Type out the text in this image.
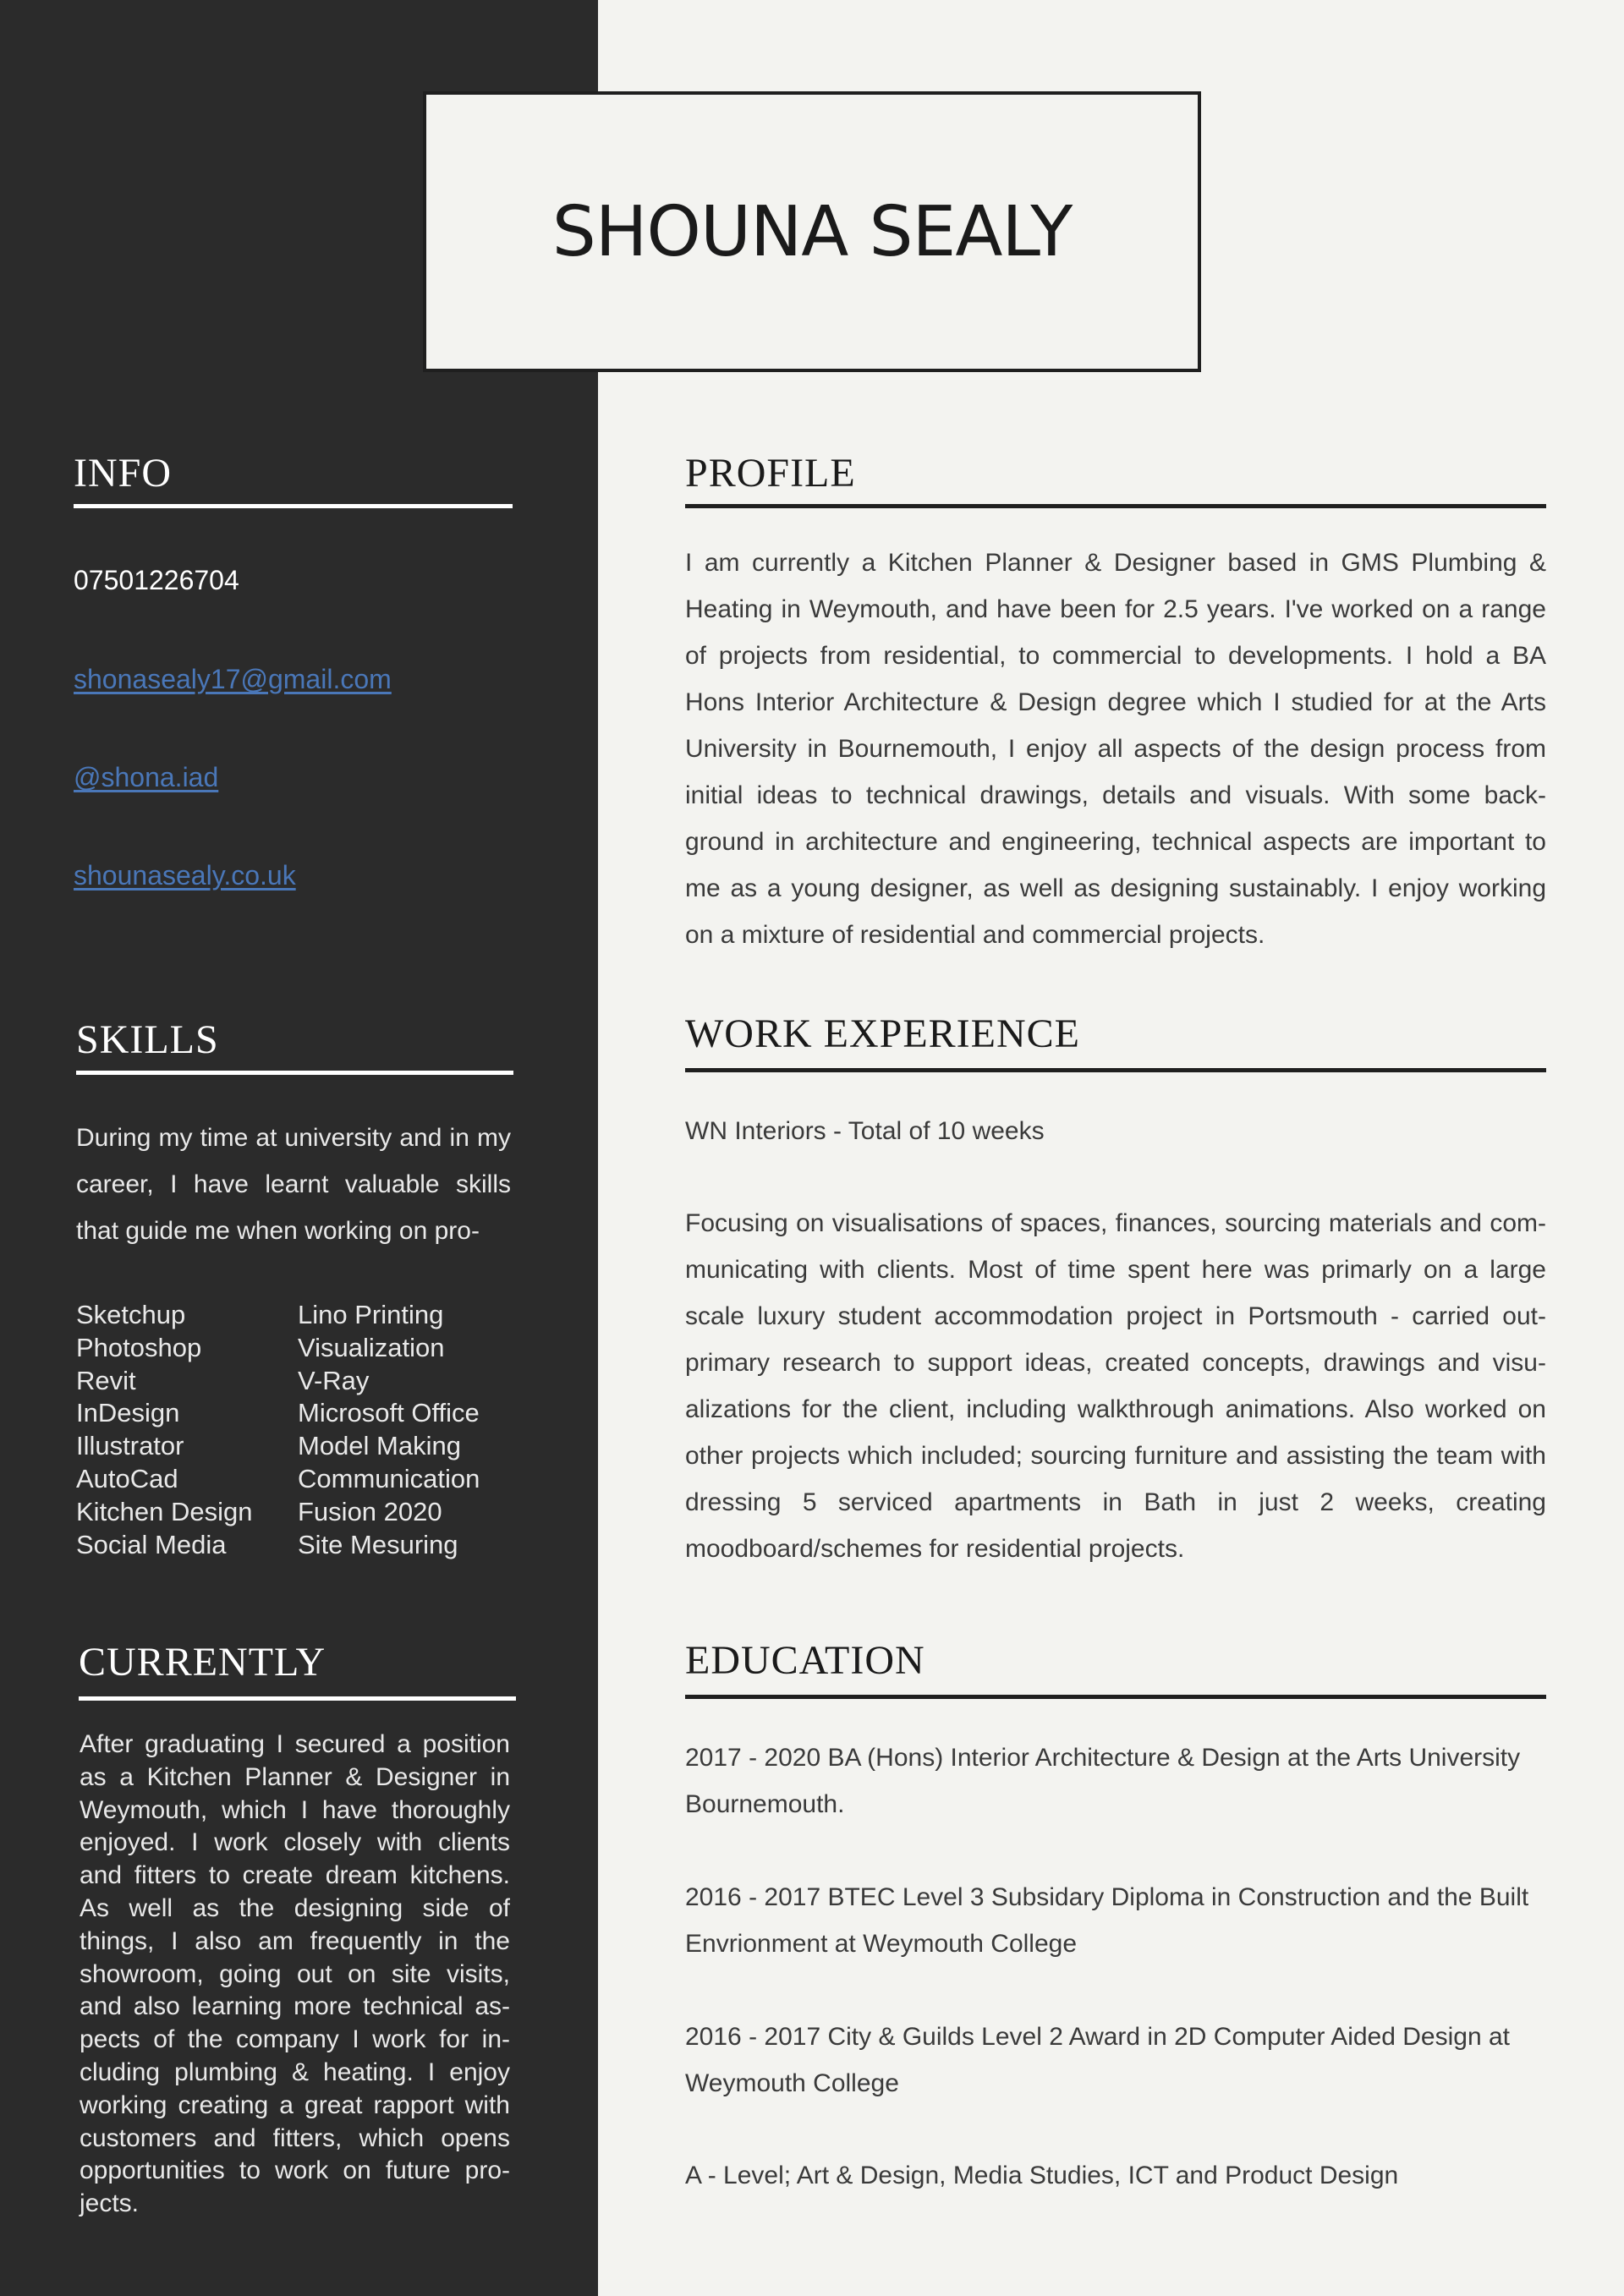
SHOUNA SEALY
INFO
07501226704
shonasealy17@gmail.com
@shona.iad
shounasealy.co.uk
SKILLS

During my time at university and in my career, I have learnt valuable skills that guide me when working on pro-

Sketchup	Lino Printing
Photoshop	Visualization
Revit	V-Ray
InDesign	Microsoft Office
Illustrator	Model Making
AutoCad	Communication
Kitchen Design	Fusion 2020
Social Media	Site Mesuring
CURRENTLY

After graduating I secured a position as a Kitchen Planner & Designer in Weymouth, which I have thoroughly enjoyed. I work closely with clients and fitters to create dream kitchens. As well as the designing side of things, I also am frequently in the showroom, going out on site visits, and also learning more technical as-pects of the company I work for in-cluding plumbing & heating. I enjoy working creating a great rapport with customers and fitters, which opens opportunities to work on future pro-jects.

PROFILE

I am currently a Kitchen Planner & Designer based in GMS Plumbing & Heating in Weymouth, and have been for 2.5 years. I've worked on a range of projects from residential, to commercial to developments. I hold a BA Hons Interior Architecture & Design degree which I studied for at the Arts University in Bournemouth, I enjoy all aspects of the design process from initial ideas to technical drawings, details and visuals. With some back-ground in architecture and engineering, technical aspects are important to me as a young designer, as well as designing sustainably. I enjoy working on a mixture of residential and commercial projects.

WORK EXPERIENCE

WN Interiors - Total of 10 weeks

Focusing on visualisations of spaces, finances, sourcing materials and com-municating with clients. Most of time spent here was primarly on a large scale luxury student accommodation project in Portsmouth - carried out-primary research to support ideas, created concepts, drawings and visu-alizations for the client, including walkthrough animations. Also worked on other projects which included; sourcing furniture and assisting the team with dressing 5 serviced apartments in Bath in just 2 weeks, creating moodboard/schemes for residential projects.

EDUCATION

2017 - 2020 BA (Hons) Interior Architecture & Design at the Arts University Bournemouth.

2016 - 2017 BTEC Level 3 Subsidary Diploma in Construction and the Built Envrionment at Weymouth College

2016 - 2017 City & Guilds Level 2 Award in 2D Computer Aided Design at Weymouth College

A - Level; Art & Design, Media Studies, ICT and Product Design
